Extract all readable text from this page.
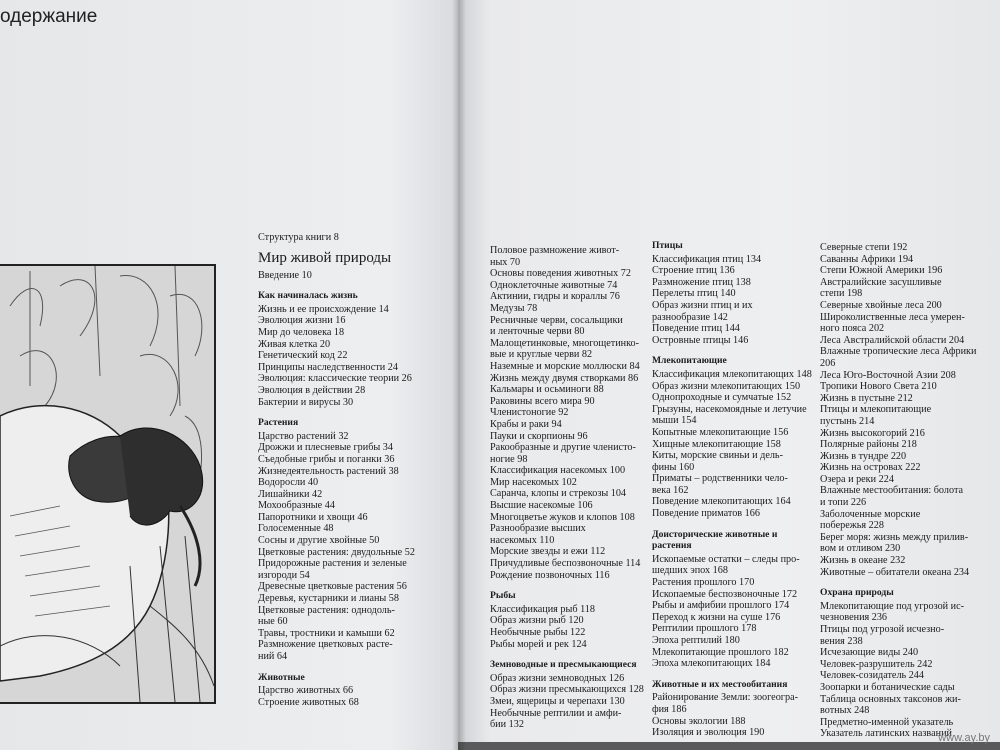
одержание
Структура книги 8
Мир живой природы
Введение 10
Как начиналась жизнь
Жизнь и ее происхождение 14
Эволюция жизни 16
Мир до человека 18
Живая клетка 20
Генетический код 22
Принципы наследственности 24
Эволюция: классические теории 26
Эволюция в действии 28
Бактерии и вирусы 30
Растения
Царство растений 32
Дрожжи и плесневые грибы 34
Съедобные грибы и поганки 36
Жизнедеятельность растений 38
Водоросли 40
Лишайники 42
Мохообразные 44
Папоротники и хвощи 46
Голосеменные 48
Сосны и другие хвойные 50
Цветковые растения: двудольные 52
Придорожные растения и зеленые
изгороди 54
Древесные цветковые растения 56
Деревья, кустарники и лианы 58
Цветковые растения: однодоль-
ные 60
Травы, тростники и камыши 62
Размножение цветковых расте-
ний 64
Животные
Царство животных 66
Строение животных 68
Половое размножение живот-
ных 70
Основы поведения животных 72
Одноклеточные животные 74
Актинии, гидры и кораллы 76
Медузы 78
Ресничные черви, сосальщики
и ленточные черви 80
Малощетинковые, многощетинко-
вые и круглые черви 82
Наземные и морские моллюски 84
Жизнь между двумя створками 86
Кальмары и осьминоги 88
Раковины всего мира 90
Членистоногие 92
Крабы и раки 94
Пауки и скорпионы 96
Ракообразные и другие членисто-
ногие 98
Классификация насекомых 100
Мир насекомых 102
Саранча, клопы и стрекозы 104
Высшие насекомые 106
Многоцветье жуков и клопов 108
Разнообразие высших
насекомых 110
Морские звезды и ежи 112
Причудливые беспозвоночные 114
Рождение позвоночных 116
Рыбы
Классификация рыб 118
Образ жизни рыб 120
Необычные рыбы 122
Рыбы морей и рек 124
Земноводные и пресмыкающиеся
Образ жизни земноводных 126
Образ жизни пресмыкающихся 128
Змеи, ящерицы и черепахи 130
Необычные рептилии и амфи-
бии 132
Птицы
Классификация птиц 134
Строение птиц 136
Размножение птиц 138
Перелеты птиц 140
Образ жизни птиц и их
разнообразие 142
Поведение птиц 144
Островные птицы 146
Млекопитающие
Классификация млекопитающих 148
Образ жизни млекопитающих 150
Однопроходные и сумчатые 152
Грызуны, насекомоядные и летучие
мыши 154
Копытные млекопитающие 156
Хищные млекопитающие 158
Киты, морские свиньи и дель-
фины 160
Приматы – родственники чело-
века 162
Поведение млекопитающих 164
Поведение приматов 166
Доисторические животные и растения
Ископаемые остатки – следы про-
шедших эпох 168
Растения прошлого 170
Ископаемые беспозвоночные 172
Рыбы и амфибии прошлого 174
Переход к жизни на суше 176
Рептилии прошлого 178
Эпоха рептилий 180
Млекопитающие прошлого 182
Эпоха млекопитающих 184
Животные и их местообитания
Районирование Земли: зоогеогра-
фия 186
Основы экологии 188
Изоляция и эволюция 190
Северные степи 192
Саванны Африки 194
Степи Южной Америки 196
Австралийские засушливые
степи 198
Северные хвойные леса 200
Широколиственные леса умерен-
ного пояса 202
Леса Австралийской области 204
Влажные тропические леса Африки
206
Леса Юго-Восточной Азии 208
Тропики Нового Света 210
Жизнь в пустыне 212
Птицы и млекопитающие
пустынь 214
Жизнь высокогорий 216
Полярные районы 218
Жизнь в тундре 220
Жизнь на островах 222
Озера и реки 224
Влажные местообитания: болота
и топи 226
Заболоченные морские
побережья 228
Берег моря: жизнь между прилив-
вом и отливом 230
Жизнь в океане 232
Животные – обитатели океана 234
Охрана природы
Млекопитающие под угрозой ис-
чезновения 236
Птицы под угрозой исчезно-
вения 238
Исчезающие виды 240
Человек-разрушитель 242
Человек-созидатель 244
Зоопарки и ботанические сады
Таблица основных таксонов жи-
вотных 248
Предметно-именной указатель
Указатель латинских названий
www.ay.by
